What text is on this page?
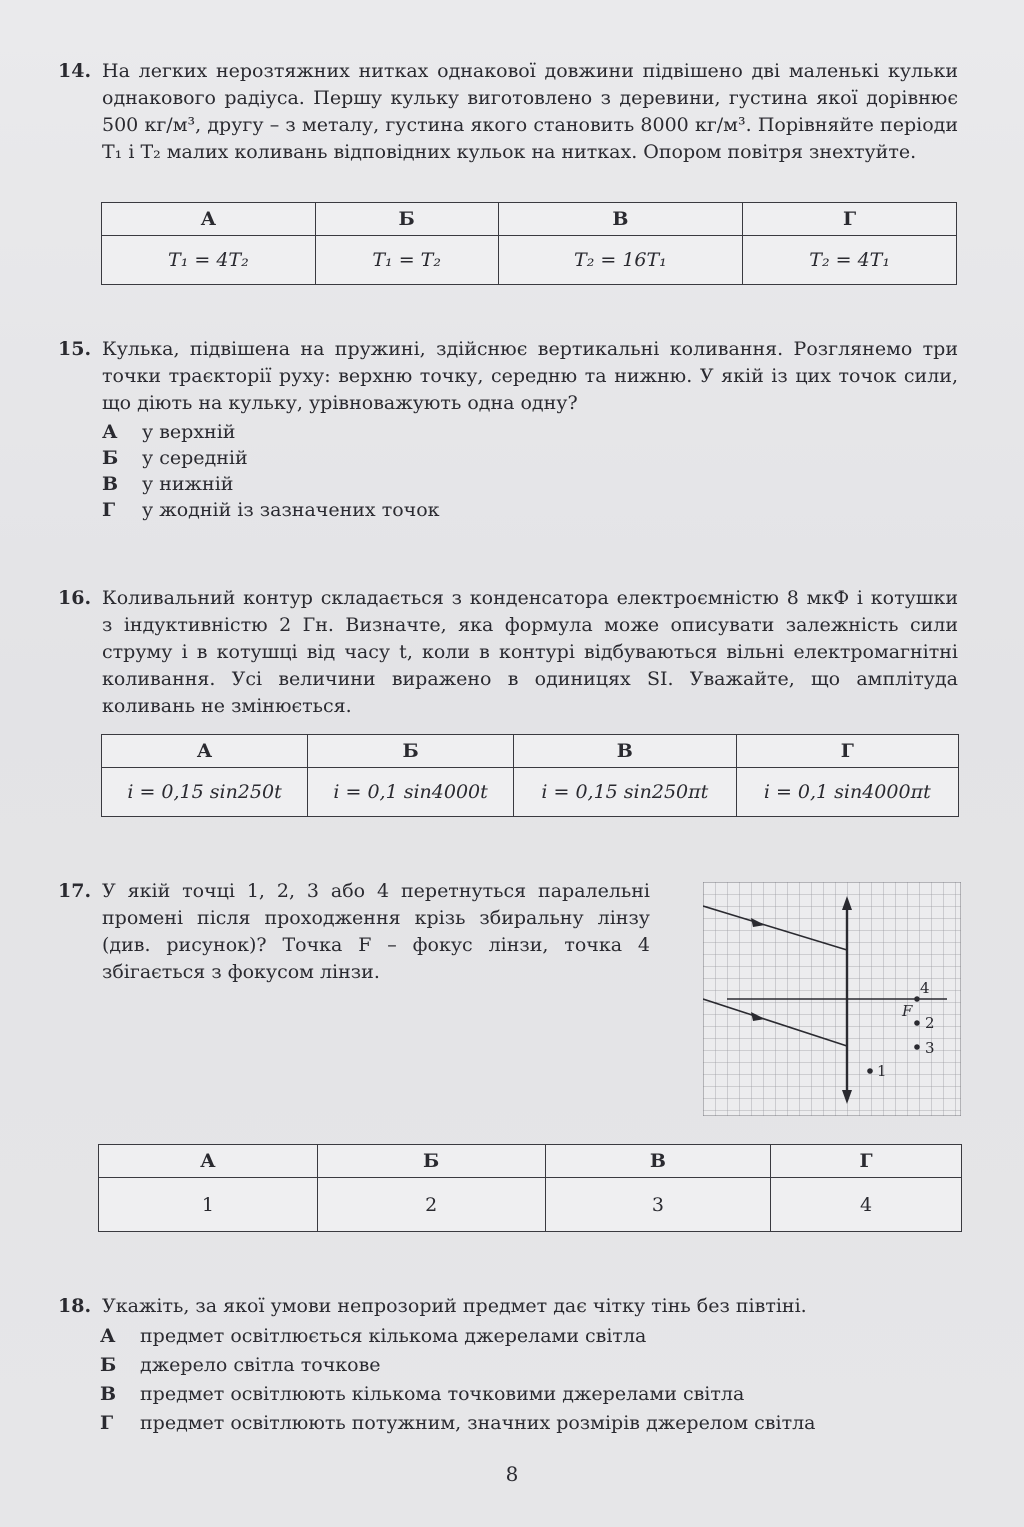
14. На легких нерозтяжних нитках однакової довжини підвішено дві маленькі кульки однакового радіуса. Першу кульку виготовлено з деревини, густина якої дорівнює 500 кг/м³, другу – з металу, густина якого становить 8000 кг/м³. Порівняйте періоди T₁ і T₂ малих коливань відповідних кульок на нитках. Опором повітря знехтуйте.
А	Б	В	Г
T₁ = 4T₂	T₁ = T₂	T₂ = 16T₁	T₂ = 4T₁
15. Кулька, підвішена на пружині, здійснює вертикальні коливання. Розглянемо три точки траєкторії руху: верхню точку, середню та нижню. У якій із цих точок сили, що діють на кульку, урівноважують одна одну?
А	у верхній
Б	у середній
В	у нижній
Г	у жодній із зазначених точок
16. Коливальний контур складається з конденсатора електроємністю 8 мкФ і котушки з індуктивністю 2 Гн. Визначте, яка формула може описувати залежність сили струму i в котушці від часу t, коли в контурі відбуваються вільні електромагнітні коливання. Усі величини виражено в одиницях SI. Уважайте, що амплітуда коливань не змінюється.
А	Б	В	Г
i = 0,15 sin250t	i = 0,1 sin4000t	i = 0,15 sin250πt	i = 0,1 sin4000πt
17. У якій точці 1, 2, 3 або 4 перетнуться паралельні промені після проходження крізь збиральну лінзу (див. рисунок)? Точка F – фокус лінзи, точка 4 збігається з фокусом лінзи.
4
F
2
3
1
А	Б	В	Г
1	2	3	4
18. Укажіть, за якої умови непрозорий предмет дає чітку тінь без півтіні.
А	предмет освітлюється кількома джерелами світла
Б	джерело світла точкове
В	предмет освітлюють кількома точковими джерелами світла
Г	предмет освітлюють потужним, значних розмірів джерелом світла
8
